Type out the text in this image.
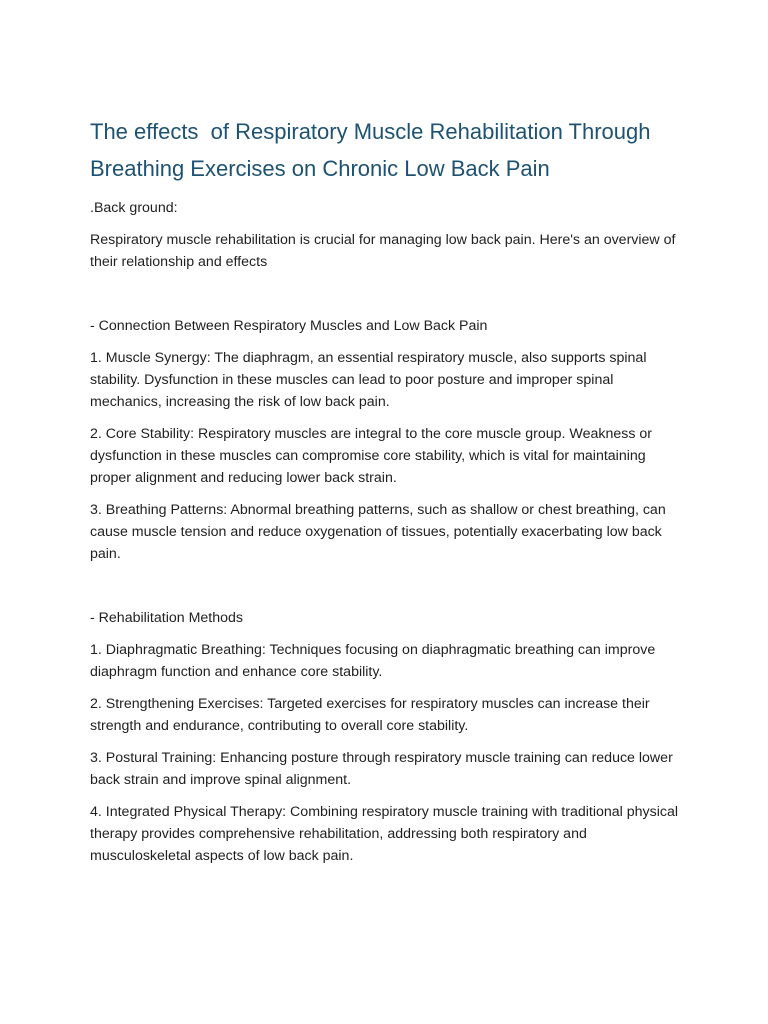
The effects  of Respiratory Muscle Rehabilitation Through Breathing Exercises on Chronic Low Back Pain

.Back ground:

Respiratory muscle rehabilitation is crucial for managing low back pain. Here's an overview of their relationship and effects

- Connection Between Respiratory Muscles and Low Back Pain

1. Muscle Synergy: The diaphragm, an essential respiratory muscle, also supports spinal stability. Dysfunction in these muscles can lead to poor posture and improper spinal mechanics, increasing the risk of low back pain.

2. Core Stability: Respiratory muscles are integral to the core muscle group. Weakness or dysfunction in these muscles can compromise core stability, which is vital for maintaining proper alignment and reducing lower back strain.

3. Breathing Patterns: Abnormal breathing patterns, such as shallow or chest breathing, can cause muscle tension and reduce oxygenation of tissues, potentially exacerbating low back pain.

- Rehabilitation Methods

1. Diaphragmatic Breathing: Techniques focusing on diaphragmatic breathing can improve diaphragm function and enhance core stability.

2. Strengthening Exercises: Targeted exercises for respiratory muscles can increase their strength and endurance, contributing to overall core stability.

3. Postural Training: Enhancing posture through respiratory muscle training can reduce lower back strain and improve spinal alignment.

4. Integrated Physical Therapy: Combining respiratory muscle training with traditional physical therapy provides comprehensive rehabilitation, addressing both respiratory and musculoskeletal aspects of low back pain.
